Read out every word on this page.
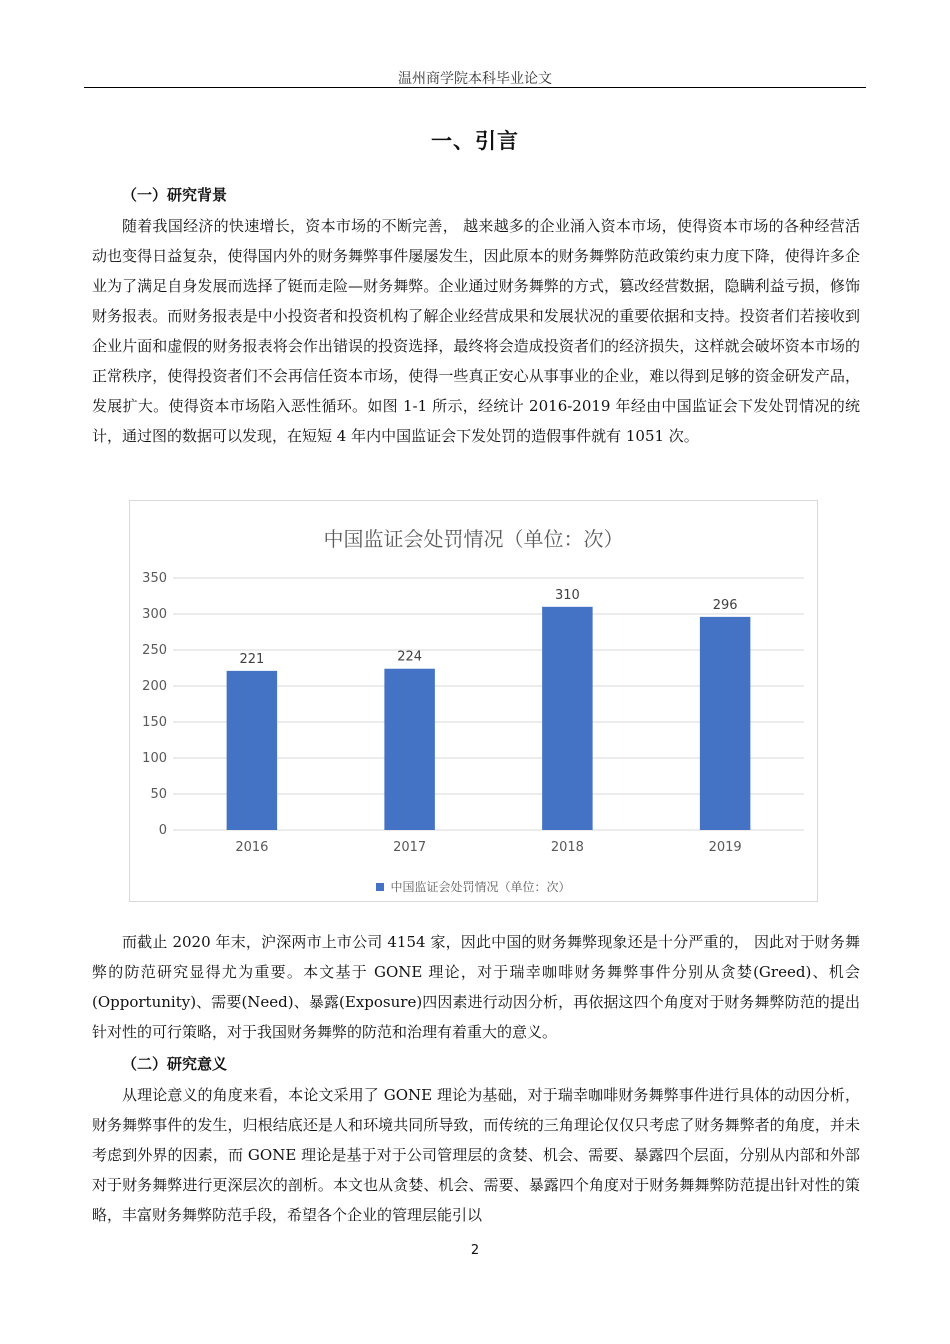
温州商学院本科毕业论文
一、引言
（一）研究背景

随着我国经济的快速增长，资本市场的不断完善， 越来越多的企业涌入资本市场，使得资本市场的各种经营活动也变得日益复杂，使得国内外的财务舞弊事件屡屡发生，因此原本的财务舞弊防范政策约束力度下降，使得许多企业为了满足自身发展而选择了铤而走险—财务舞弊。企业通过财务舞弊的方式，篡改经营数据，隐瞒利益亏损，修饰财务报表。而财务报表是中小投资者和投资机构了解企业经营成果和发展状况的重要依据和支持。投资者们若接收到企业片面和虚假的财务报表将会作出错误的投资选择，最终将会造成投资者们的经济损失，这样就会破坏资本市场的正常秩序，使得投资者们不会再信任资本市场，使得一些真正安心从事事业的企业，难以得到足够的资金研发产品，发展扩大。使得资本市场陷入恶性循环。如图 1-1 所示，经统计 2016-2019 年经由中国监证会下发处罚情况的统计，通过图的数据可以发现，在短短 4 年内中国监证会下发处罚的造假事件就有 1051 次。

0
50
100
150
200
250
300
350
221
2016
224
2017
310
2018
296
2019
中国监证会处罚情况（单位：次）
中国监证会处罚情况（单位：次）

而截止 2020 年末，沪深两市上市公司 4154 家，因此中国的财务舞弊现象还是十分严重的， 因此对于财务舞弊的防范研究显得尤为重要。本文基于 GONE 理论，对于瑞幸咖啡财务舞弊事件分别从贪婪(Greed)、机会(Opportunity)、需要(Need)、暴露(Exposure)四因素进行动因分析，再依据这四个角度对于财务舞弊防范的提出针对性的可行策略，对于我国财务舞弊的防范和治理有着重大的意义。

（二）研究意义

从理论意义的角度来看，本论文采用了 GONE 理论为基础，对于瑞幸咖啡财务舞弊事件进行具体的动因分析，财务舞弊事件的发生，归根结底还是人和环境共同所导致，而传统的三角理论仅仅只考虑了财务舞弊者的角度，并未考虑到外界的因素，而 GONE 理论是基于对于公司管理层的贪婪、机会、需要、暴露四个层面，分别从内部和外部对于财务舞弊进行更深层次的剖析。本文也从贪婪、机会、需要、暴露四个角度对于财务舞舞弊防范提出针对性的策略，丰富财务舞弊防范手段，希望各个企业的管理层能引以

2
